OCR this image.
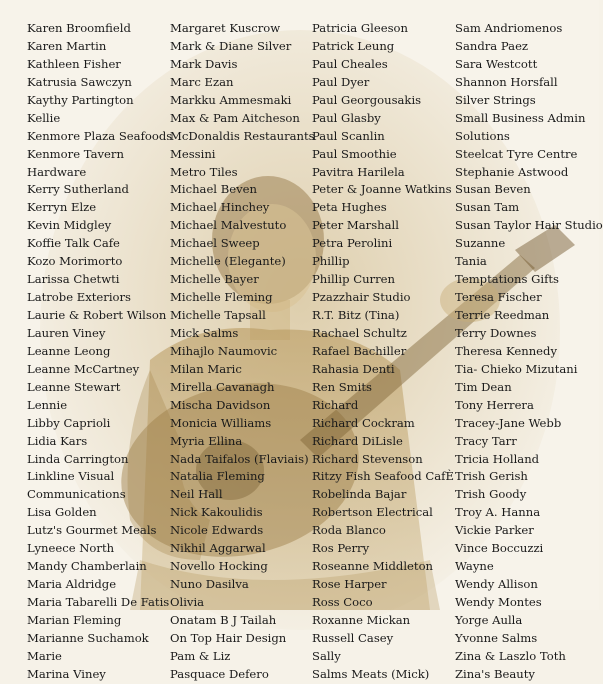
Karen Broomfield
Karen Martin
Kathleen Fisher
Katrusia Sawczyn
Kaythy Partington
Kellie
Kenmore Plaza Seafoods
Kenmore Tavern
Hardware
Kerry Sutherland
Kerryn Elze
Kevin Midgley
Koffie Talk Cafe
Kozo Morimorto
Larissa Chetwti
Latrobe Exteriors
Laurie & Robert Wilson
Lauren Viney
Leanne Leong
Leanne McCartney
Leanne Stewart
Lennie
Libby Caprioli
Lidia Kars
Linda Carrington
Linkline Visual
Communications
Lisa Golden
Lutz's Gourmet Meals
Lyneece North
Mandy Chamberlain
Maria Aldridge
Maria Tabarelli De Fatis
Marian Fleming
Marianne Suchamok
Marie
Marina Viney
Margaret Kuscrow
Mark & Diane Silver
Mark Davis
Marc Ezan
Markku Ammesmaki
Max & Pam Aitcheson
McDonaldis Restaurants
Messini
Metro Tiles
Michael Beven
Michael Hinchey
Michael Malvestuto
Michael Sweep
Michelle (Elegante)
Michelle Bayer
Michelle Fleming
Michelle Tapsall
Mick Salms
Mihajlo Naumovic
Milan Maric
Mirella Cavanagh
Mischa Davidson
Monicia Williams
Myria Ellina
Nada Taifalos (Flaviais)
Natalia Fleming
Neil Hall
Nick Kakoulidis
Nicole Edwards
Nikhil Aggarwal
Novello Hocking
Nuno Dasilva
Olivia
Onatam B J Tailah
On Top Hair Design
Pam & Liz
Pasquace Defero
Patricia Gleeson
Patrick Leung
Paul Cheales
Paul Dyer
Paul Georgousakis
Paul Glasby
Paul Scanlin
Paul Smoothie
Pavitra Harilela
Peter & Joanne Watkins
Peta Hughes
Peter Marshall
Petra Perolini
Phillip
Phillip Curren
Pzazzhair Studio
R.T. Bitz (Tina)
Rachael Schultz
Rafael Bachiller
Rahasia Denti
Ren Smits
Richard
Richard Cockram
Richard DiLisle
Richard Stevenson
Ritzy Fish Seafood CafÈ
Robelinda Bajar
Robertson Electrical
Roda Blanco
Ros Perry
Roseanne Middleton
Rose Harper
Ross Coco
Roxanne Mickan
Russell Casey
Sally
Salms Meats (Mick)
Sam Andriomenos
Sandra Paez
Sara Westcott
Shannon Horsfall
Silver Strings
Small Business Admin
Solutions
Steelcat Tyre Centre
Stephanie Astwood
Susan Beven
Susan Tam
Susan Taylor Hair Studio
Suzanne
Tania
Temptations Gifts
Teresa Fischer
Terrie Reedman
Terry Downes
Theresa Kennedy
Tia- Chieko Mizutani
Tim Dean
Tony Herrera
Tracey-Jane Webb
Tracy Tarr
Tricia Holland
Trish Gerish
Trish Goody
Troy A. Hanna
Vickie Parker
Vince Boccuzzi
Wayne
Wendy Allison
Wendy Montes
Yorge Aulla
Yvonne Salms
Zina & Laszlo Toth
Zina's Beauty
